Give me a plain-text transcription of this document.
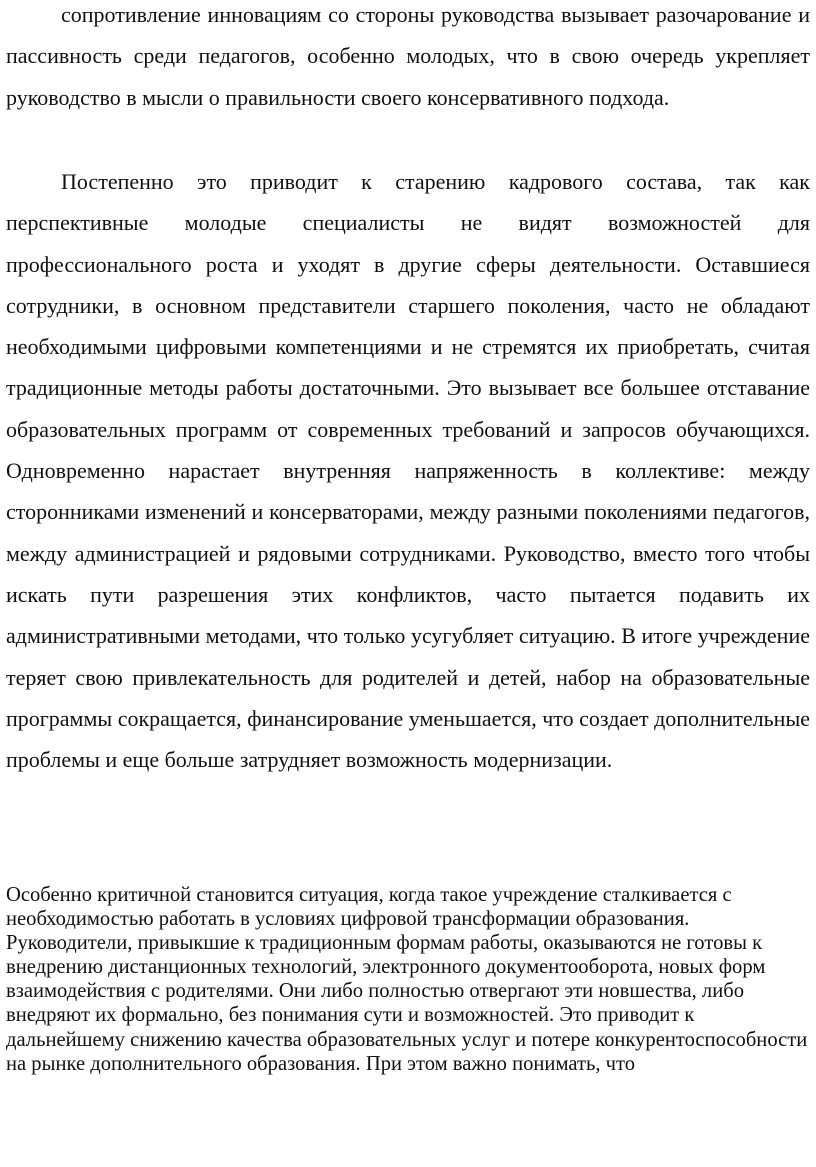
сопротивление инновациям со стороны руководства вызывает разочарование и пассивность среди педагогов, особенно молодых, что в свою очередь укрепляет руководство в мысли о правильности своего консервативного подхода.

Постепенно это приводит к старению кадрового состава, так как перспективные молодые специалисты не видят возможностей для профессионального роста и уходят в другие сферы деятельности. Оставшиеся сотрудники, в основном представители старшего поколения, часто не обладают необходимыми цифровыми компетенциями и не стремятся их приобретать, считая традиционные методы работы достаточными. Это вызывает все большее отставание образовательных программ от современных требований и запросов обучающихся. Одновременно нарастает внутренняя напряженность в коллективе: между сторонниками изменений и консерваторами, между разными поколениями педагогов, между администрацией и рядовыми сотрудниками. Руководство, вместо того чтобы искать пути разрешения этих конфликтов, часто пытается подавить их административными методами, что только усугубляет ситуацию. В итоге учреждение теряет свою привлекательность для родителей и детей, набор на образовательные программы сокращается, финансирование уменьшается, что создает дополнительные проблемы и еще больше затрудняет возможность модернизации.

Особенно критичной становится ситуация, когда такое учреждение сталкивается с необходимостью работать в условиях цифровой трансформации образования. Руководители, привыкшие к традиционным формам работы, оказываются не готовы к внедрению дистанционных технологий, электронного документооборота, новых форм взаимодействия с родителями. Они либо полностью отвергают эти новшества, либо внедряют их формально, без понимания сути и возможностей. Это приводит к дальнейшему снижению качества образовательных услуг и потере конкурентоспособности на рынке дополнительного образования. При этом важно понимать, что
